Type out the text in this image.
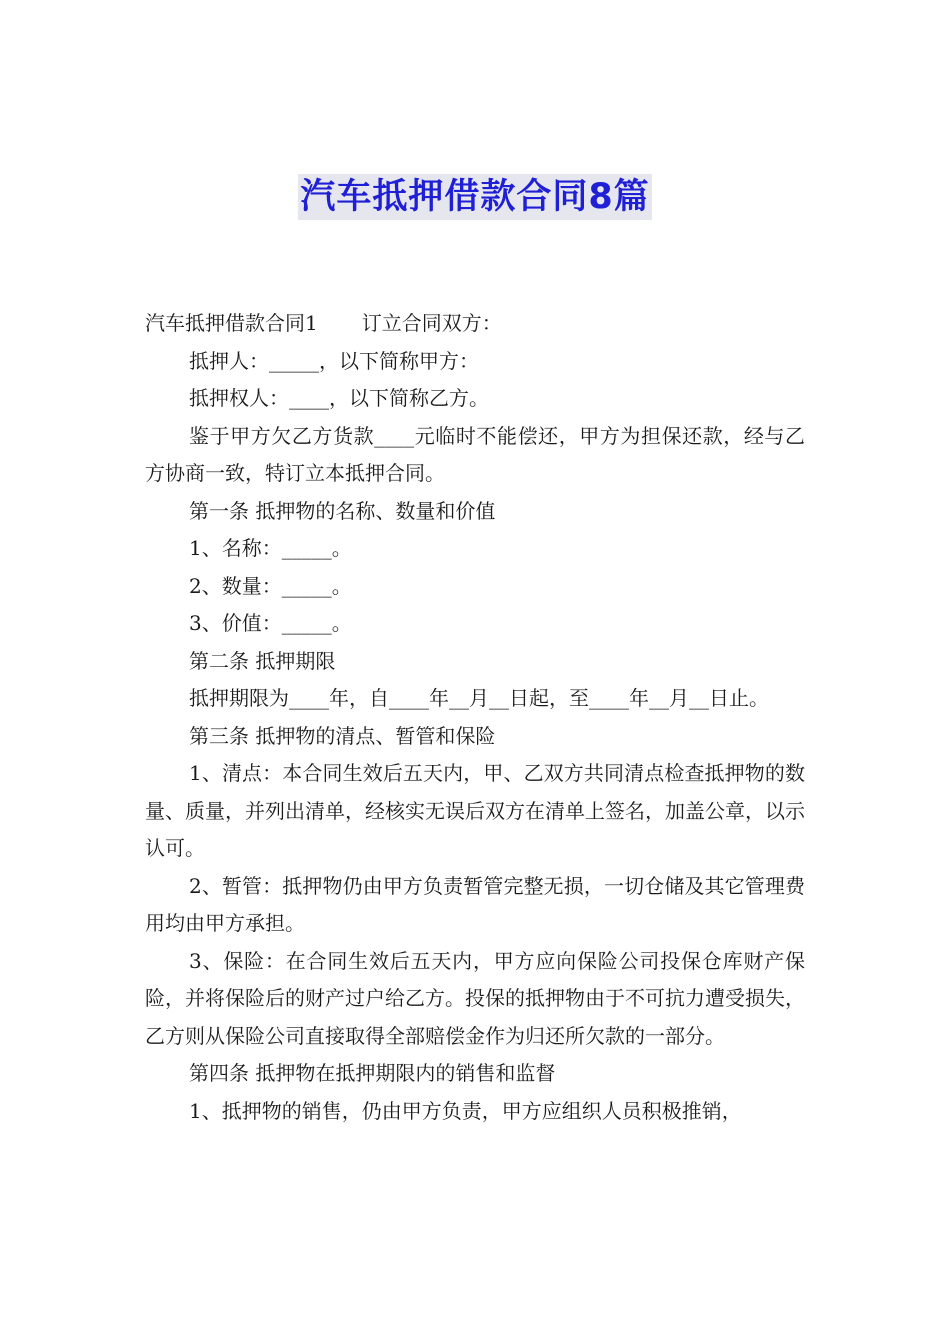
汽车抵押借款合同8篇

汽车抵押借款合同1 订立合同双方：

抵押人：_____，以下简称甲方：

抵押权人：____，以下简称乙方。

鉴于甲方欠乙方货款____元临时不能偿还，甲方为担保还款，经与乙方协商一致，特订立本抵押合同。

第一条 抵押物的名称、数量和价值

1、名称：_____。

2、数量：_____。

3、价值：_____。

第二条 抵押期限

抵押期限为____年，自____年__月__日起，至____年__月__日止。

第三条 抵押物的清点、暂管和保险

1、清点：本合同生效后五天内，甲、乙双方共同清点检查抵押物的数量、质量，并列出清单，经核实无误后双方在清单上签名，加盖公章，以示认可。

2、暂管：抵押物仍由甲方负责暂管完整无损，一切仓储及其它管理费用均由甲方承担。

3、保险：在合同生效后五天内，甲方应向保险公司投保仓库财产保险，并将保险后的财产过户给乙方。投保的抵押物由于不可抗力遭受损失，乙方则从保险公司直接取得全部赔偿金作为归还所欠款的一部分。

第四条 抵押物在抵押期限内的销售和监督

1、抵押物的销售，仍由甲方负责，甲方应组织人员积极推销，
